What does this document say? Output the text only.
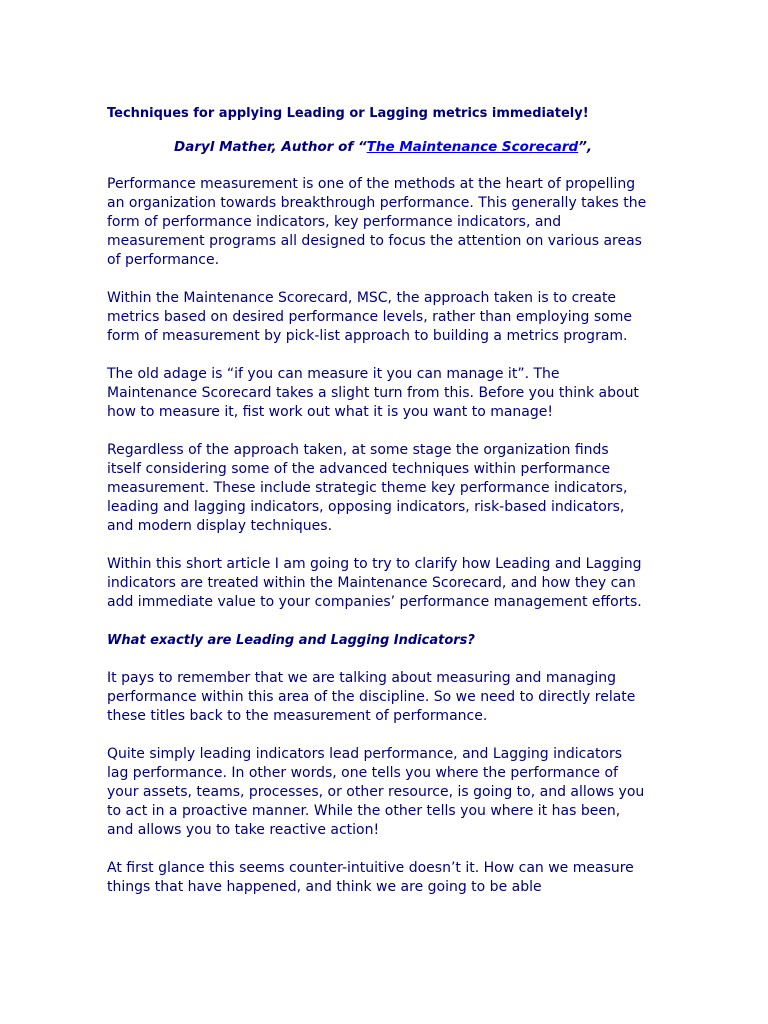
Techniques for applying Leading or Lagging metrics immediately!

Daryl Mather, Author of “The Maintenance Scorecard”,

Performance measurement is one of the methods at the heart of propelling an organization towards breakthrough performance. This generally takes the form of performance indicators, key performance indicators, and measurement programs all designed to focus the attention on various areas of performance.

Within the Maintenance Scorecard, MSC, the approach taken is to create metrics based on desired performance levels, rather than employing some form of measurement by pick-list approach to building a metrics program.

The old adage is “if you can measure it you can manage it”. The Maintenance Scorecard takes a slight turn from this. Before you think about how to measure it, fist work out what it is you want to manage!

Regardless of the approach taken, at some stage the organization finds itself considering some of the advanced techniques within performance measurement. These include strategic theme key performance indicators, leading and lagging indicators, opposing indicators, risk-based indicators, and modern display techniques.

Within this short article I am going to try to clarify how Leading and Lagging indicators are treated within the Maintenance Scorecard, and how they can add immediate value to your companies’ performance management efforts.

What exactly are Leading and Lagging Indicators?

It pays to remember that we are talking about measuring and managing performance within this area of the discipline. So we need to directly relate these titles back to the measurement of performance.

Quite simply leading indicators lead performance, and Lagging indicators lag performance. In other words, one tells you where the performance of your assets, teams, processes, or other resource, is going to, and allows you to act in a proactive manner. While the other tells you where it has been, and allows you to take reactive action!

At first glance this seems counter-intuitive doesn’t it. How can we measure things that have happened, and think we are going to be able
